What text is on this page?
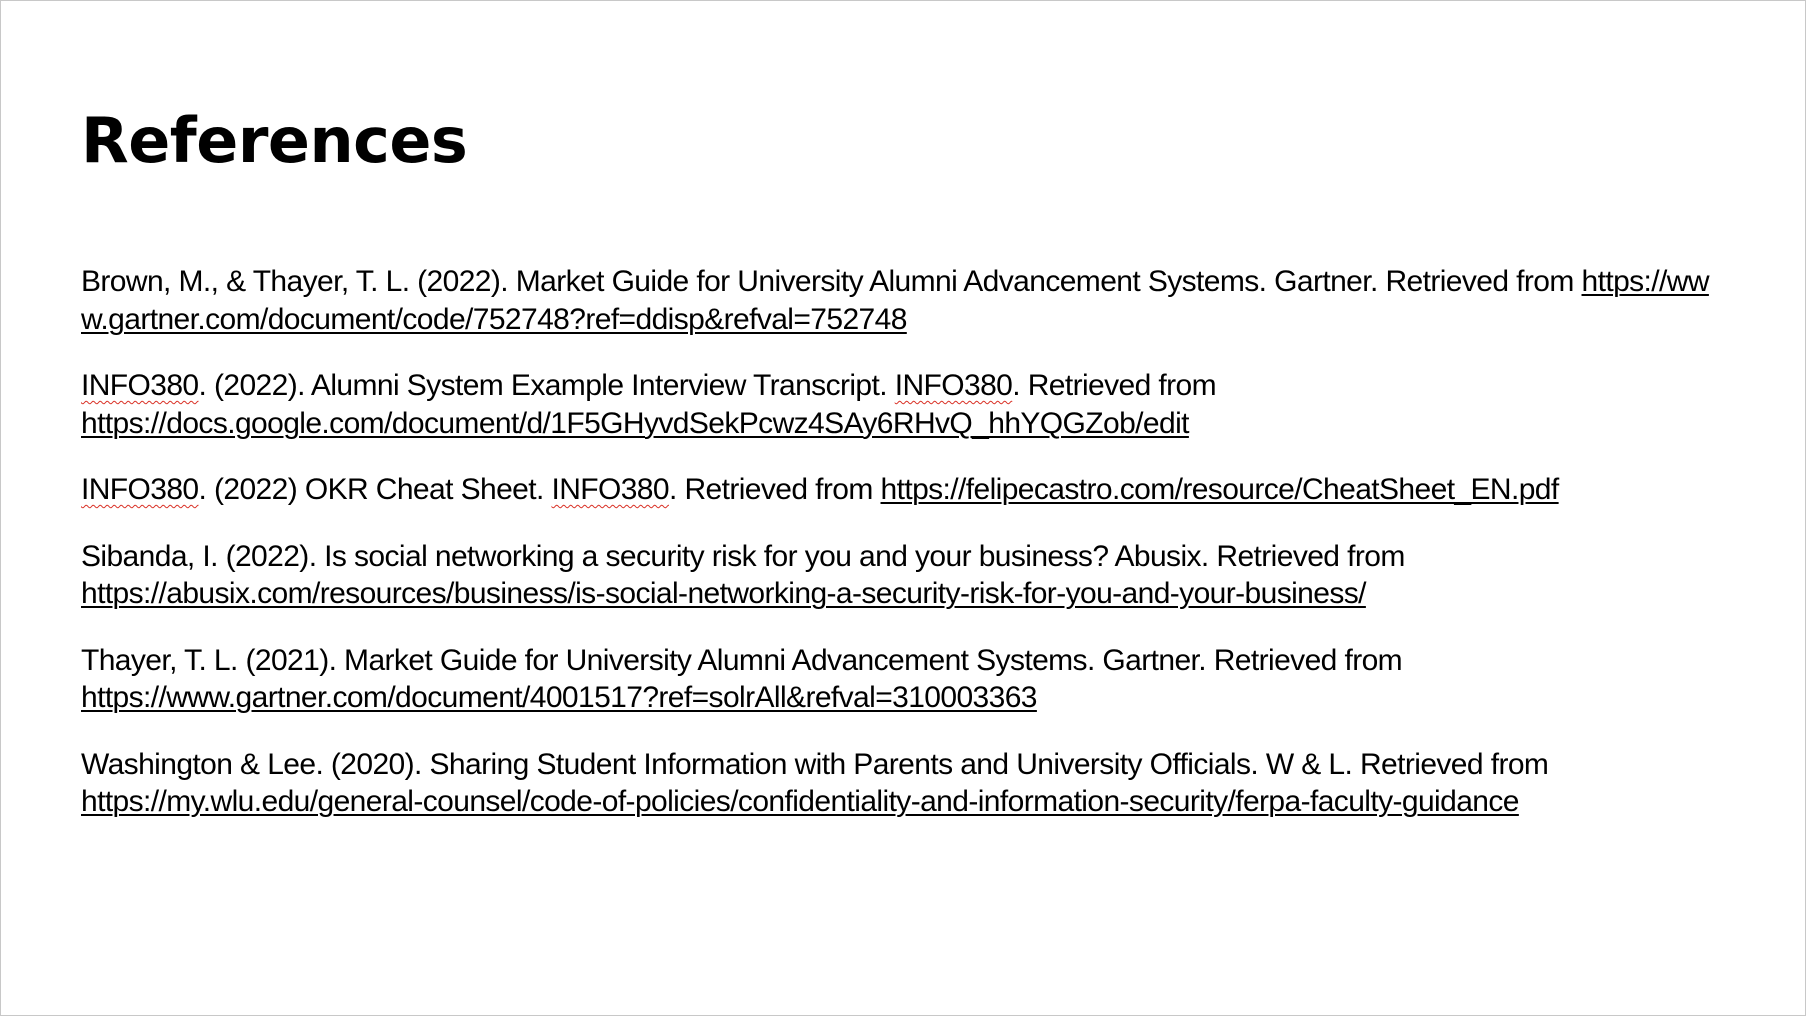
References
Brown, M., & Thayer, T. L. (2022). Market Guide for University Alumni Advancement Systems. Gartner. Retrieved from https://www.gartner.com/document/code/752748?ref=ddisp&refval=752748
INFO380. (2022). Alumni System Example Interview Transcript. INFO380. Retrieved from
https://docs.google.com/document/d/1F5GHyvdSekPcwz4SAy6RHvQ_hhYQGZob/edit
INFO380. (2022) OKR Cheat Sheet. INFO380. Retrieved from https://felipecastro.com/resource/CheatSheet_EN.pdf
Sibanda, I. (2022). Is social networking a security risk for you and your business? Abusix. Retrieved from
https://abusix.com/resources/business/is-social-networking-a-security-risk-for-you-and-your-business/
Thayer, T. L. (2021). Market Guide for University Alumni Advancement Systems. Gartner. Retrieved from
https://www.gartner.com/document/4001517?ref=solrAll&refval=310003363
Washington & Lee. (2020). Sharing Student Information with Parents and University Officials. W & L. Retrieved from
https://my.wlu.edu/general-counsel/code-of-policies/confidentiality-and-information-security/ferpa-faculty-guidance
